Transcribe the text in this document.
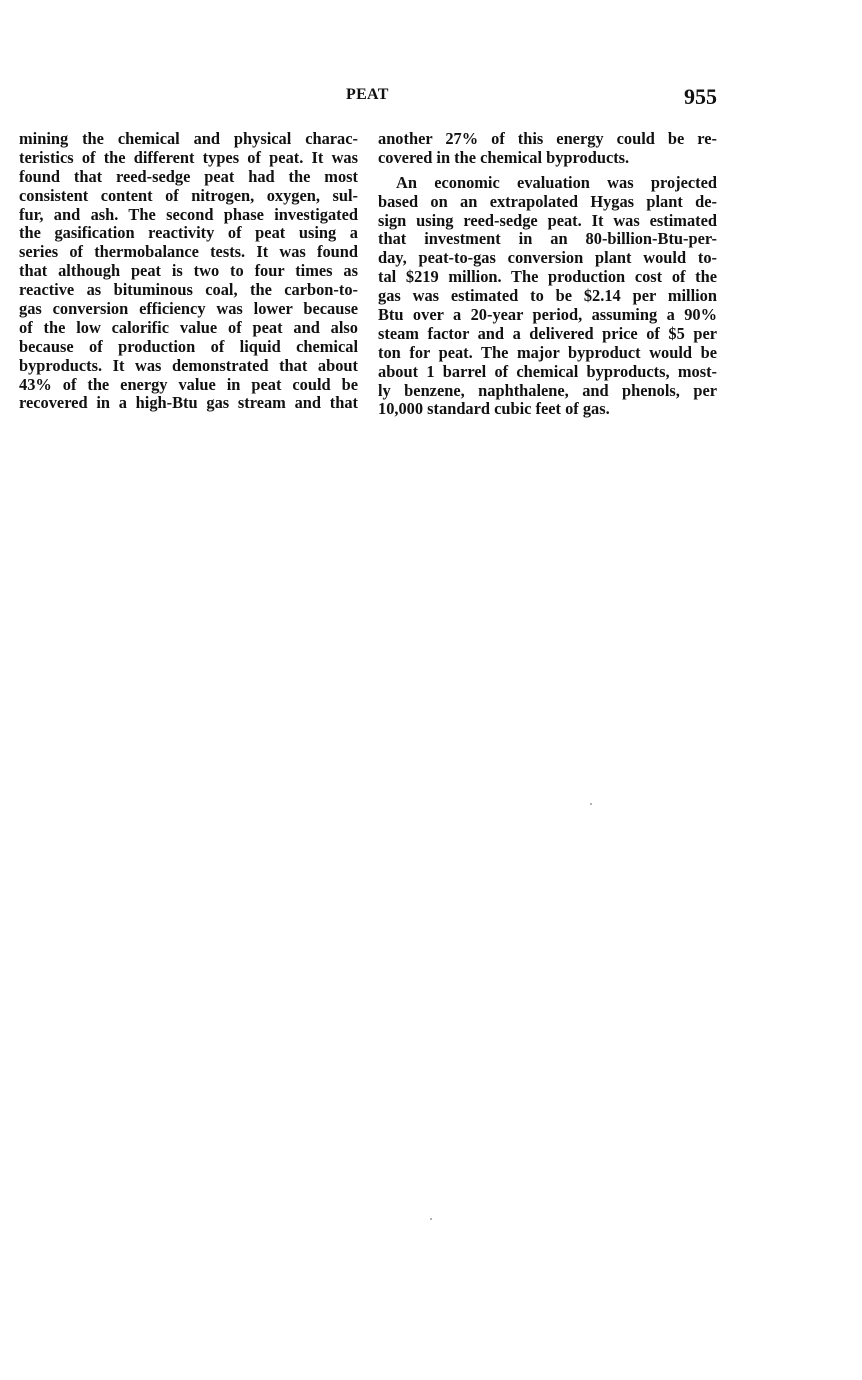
PEAT	955
mining the chemical and physical charac-
teristics of the different types of peat. It was
found that reed-sedge peat had the most
consistent content of nitrogen, oxygen, sul-
fur, and ash. The second phase investigated
the gasification reactivity of peat using a
series of thermobalance tests. It was found
that although peat is two to four times as
reactive as bituminous coal, the carbon-to-
gas conversion efficiency was lower because
of the low calorific value of peat and also
because of production of liquid chemical
byproducts. It was demonstrated that about
43% of the energy value in peat could be
recovered in a high-Btu gas stream and that
another 27% of this energy could be re-
covered in the chemical byproducts.
An economic evaluation was projected
based on an extrapolated Hygas plant de-
sign using reed-sedge peat. It was estimated
that investment in an 80-billion-Btu-per-
day, peat-to-gas conversion plant would to-
tal $219 million. The production cost of the
gas was estimated to be $2.14 per million
Btu over a 20-year period, assuming a 90%
steam factor and a delivered price of $5 per
ton for peat. The major byproduct would be
about 1 barrel of chemical byproducts, most-
ly benzene, naphthalene, and phenols, per
10,000 standard cubic feet of gas.
